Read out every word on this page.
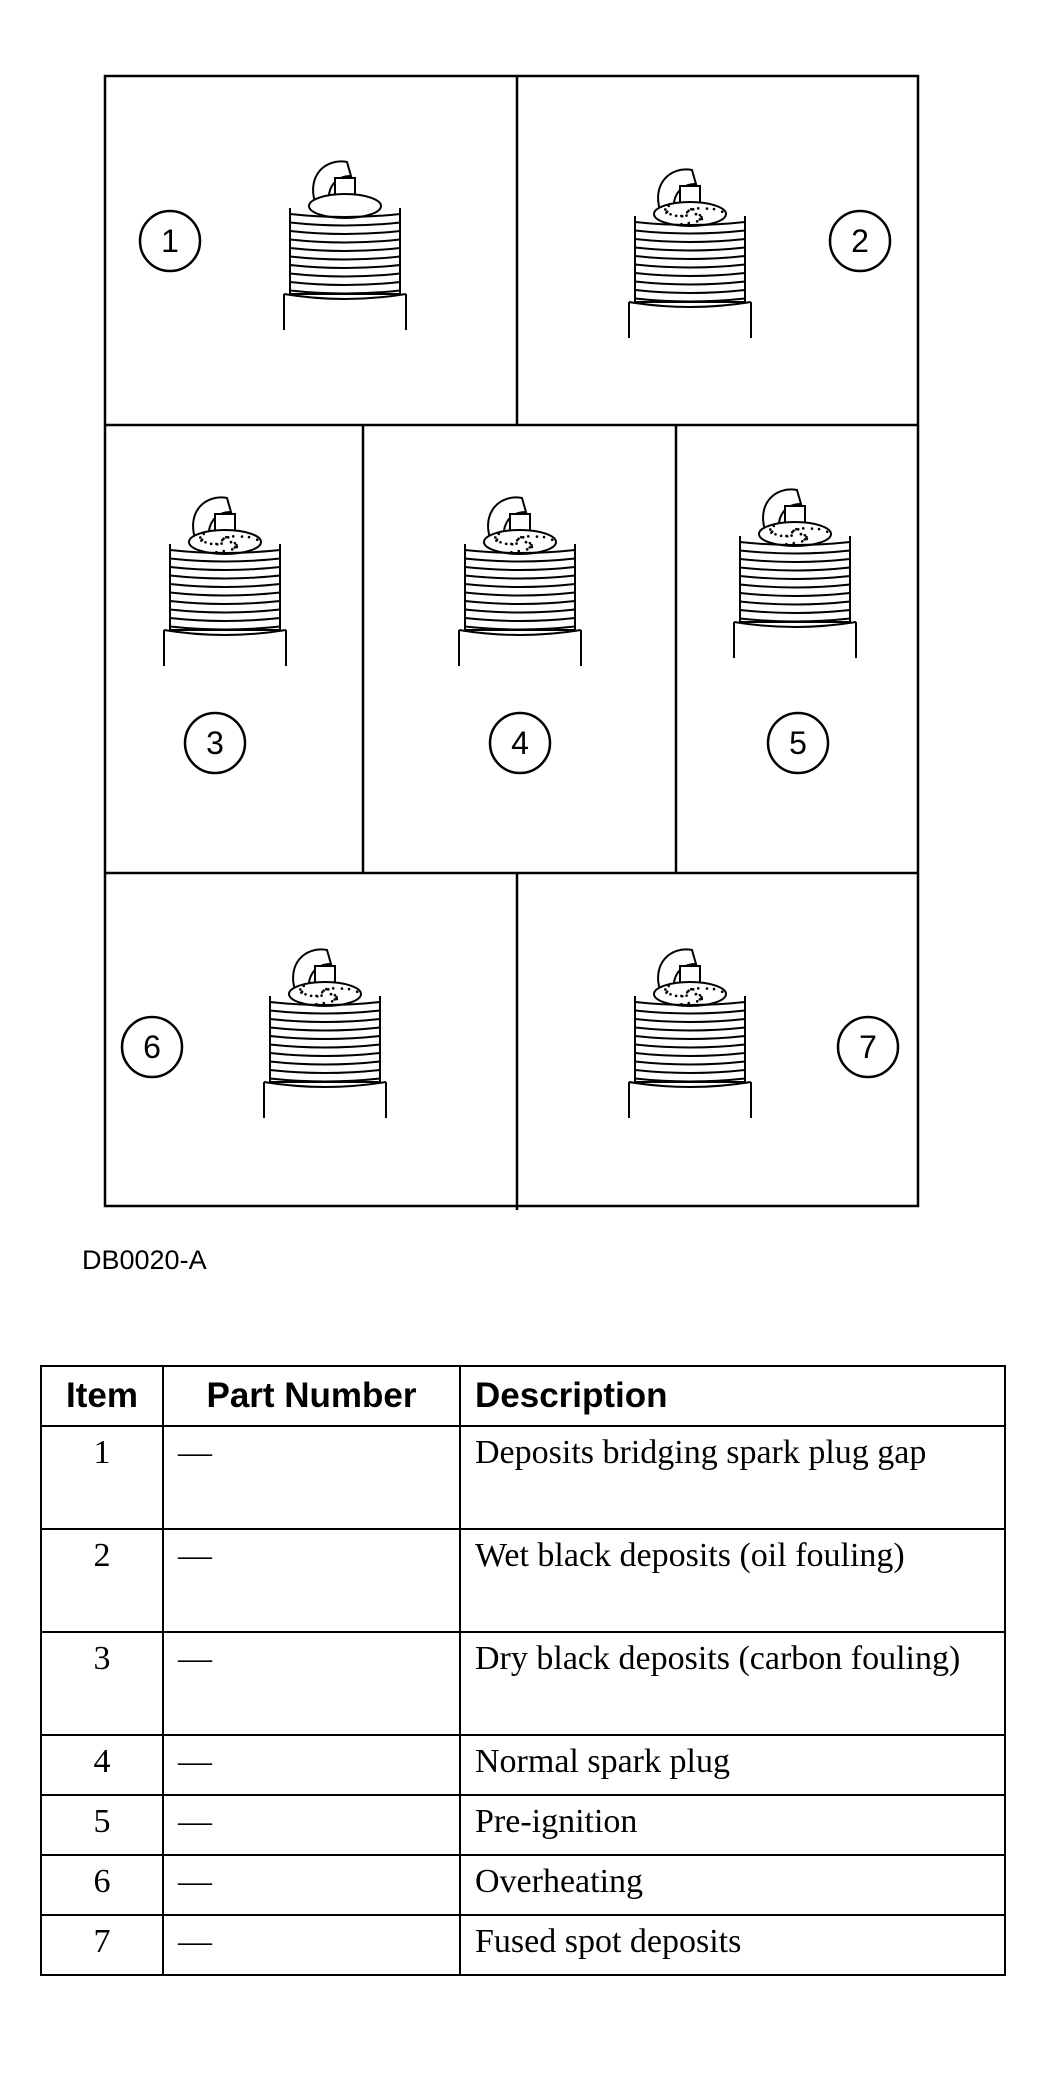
1	2
3	4	5
6	7

DB0020-A

Item	Part Number	Description
1	—	Deposits bridging spark plug gap
2	—	Wet black deposits (oil fouling)
3	—	Dry black deposits (carbon fouling)
4	—	Normal spark plug
5	—	Pre-ignition
6	—	Overheating
7	—	Fused spot deposits
